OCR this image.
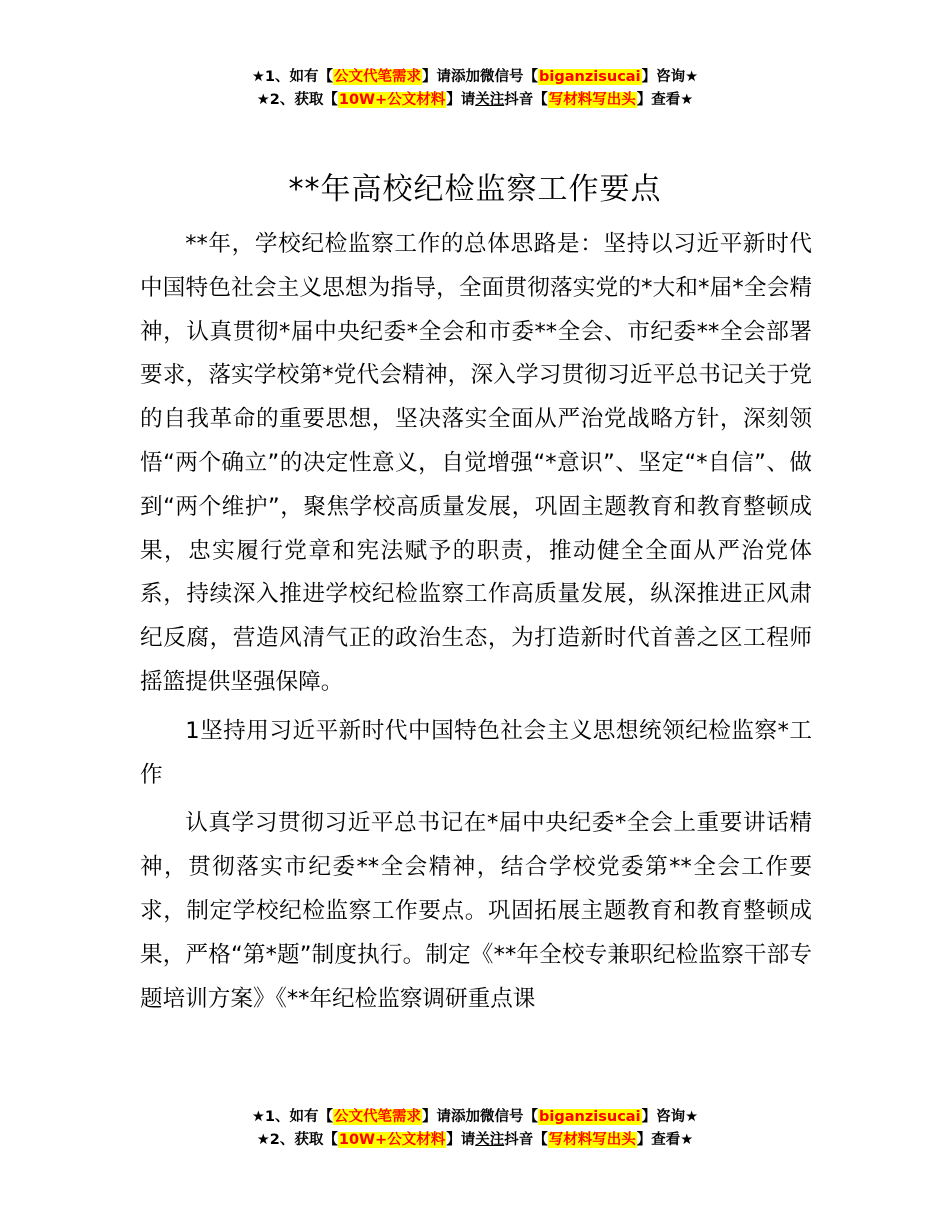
★1、如有【公文代笔需求】请添加微信号【biganzisucai】咨询★
★2、获取【10W+公文材料】请关注抖音【写材料写出头】查看★
**年高校纪检监察工作要点

**年，学校纪检监察工作的总体思路是：坚持以习近平新时代中国特色社会主义思想为指导，全面贯彻落实党的*大和*届*全会精神，认真贯彻*届中央纪委*全会和市委**全会、市纪委**全会部署要求，落实学校第*党代会精神，深入学习贯彻习近平总书记关于党的自我革命的重要思想，坚决落实全面从严治党战略方针，深刻领悟“两个确立”的决定性意义，自觉增强“*意识”、坚定“*自信”、做到“两个维护”，聚焦学校高质量发展，巩固主题教育和教育整顿成果，忠实履行党章和宪法赋予的职责，推动健全全面从严治党体系，持续深入推进学校纪检监察工作高质量发展，纵深推进正风肃纪反腐，营造风清气正的政治生态，为打造新时代首善之区工程师摇篮提供坚强保障。

1坚持用习近平新时代中国特色社会主义思想统领纪检监察*工作

认真学习贯彻习近平总书记在*届中央纪委*全会上重要讲话精神，贯彻落实市纪委**全会精神，结合学校党委第**全会工作要求，制定学校纪检监察工作要点。巩固拓展主题教育和教育整顿成果，严格“第*题”制度执行。制定《**年全校专兼职纪检监察干部专题培训方案》《**年纪检监察调研重点课

★1、如有【公文代笔需求】请添加微信号【biganzisucai】咨询★
★2、获取【10W+公文材料】请关注抖音【写材料写出头】查看★
